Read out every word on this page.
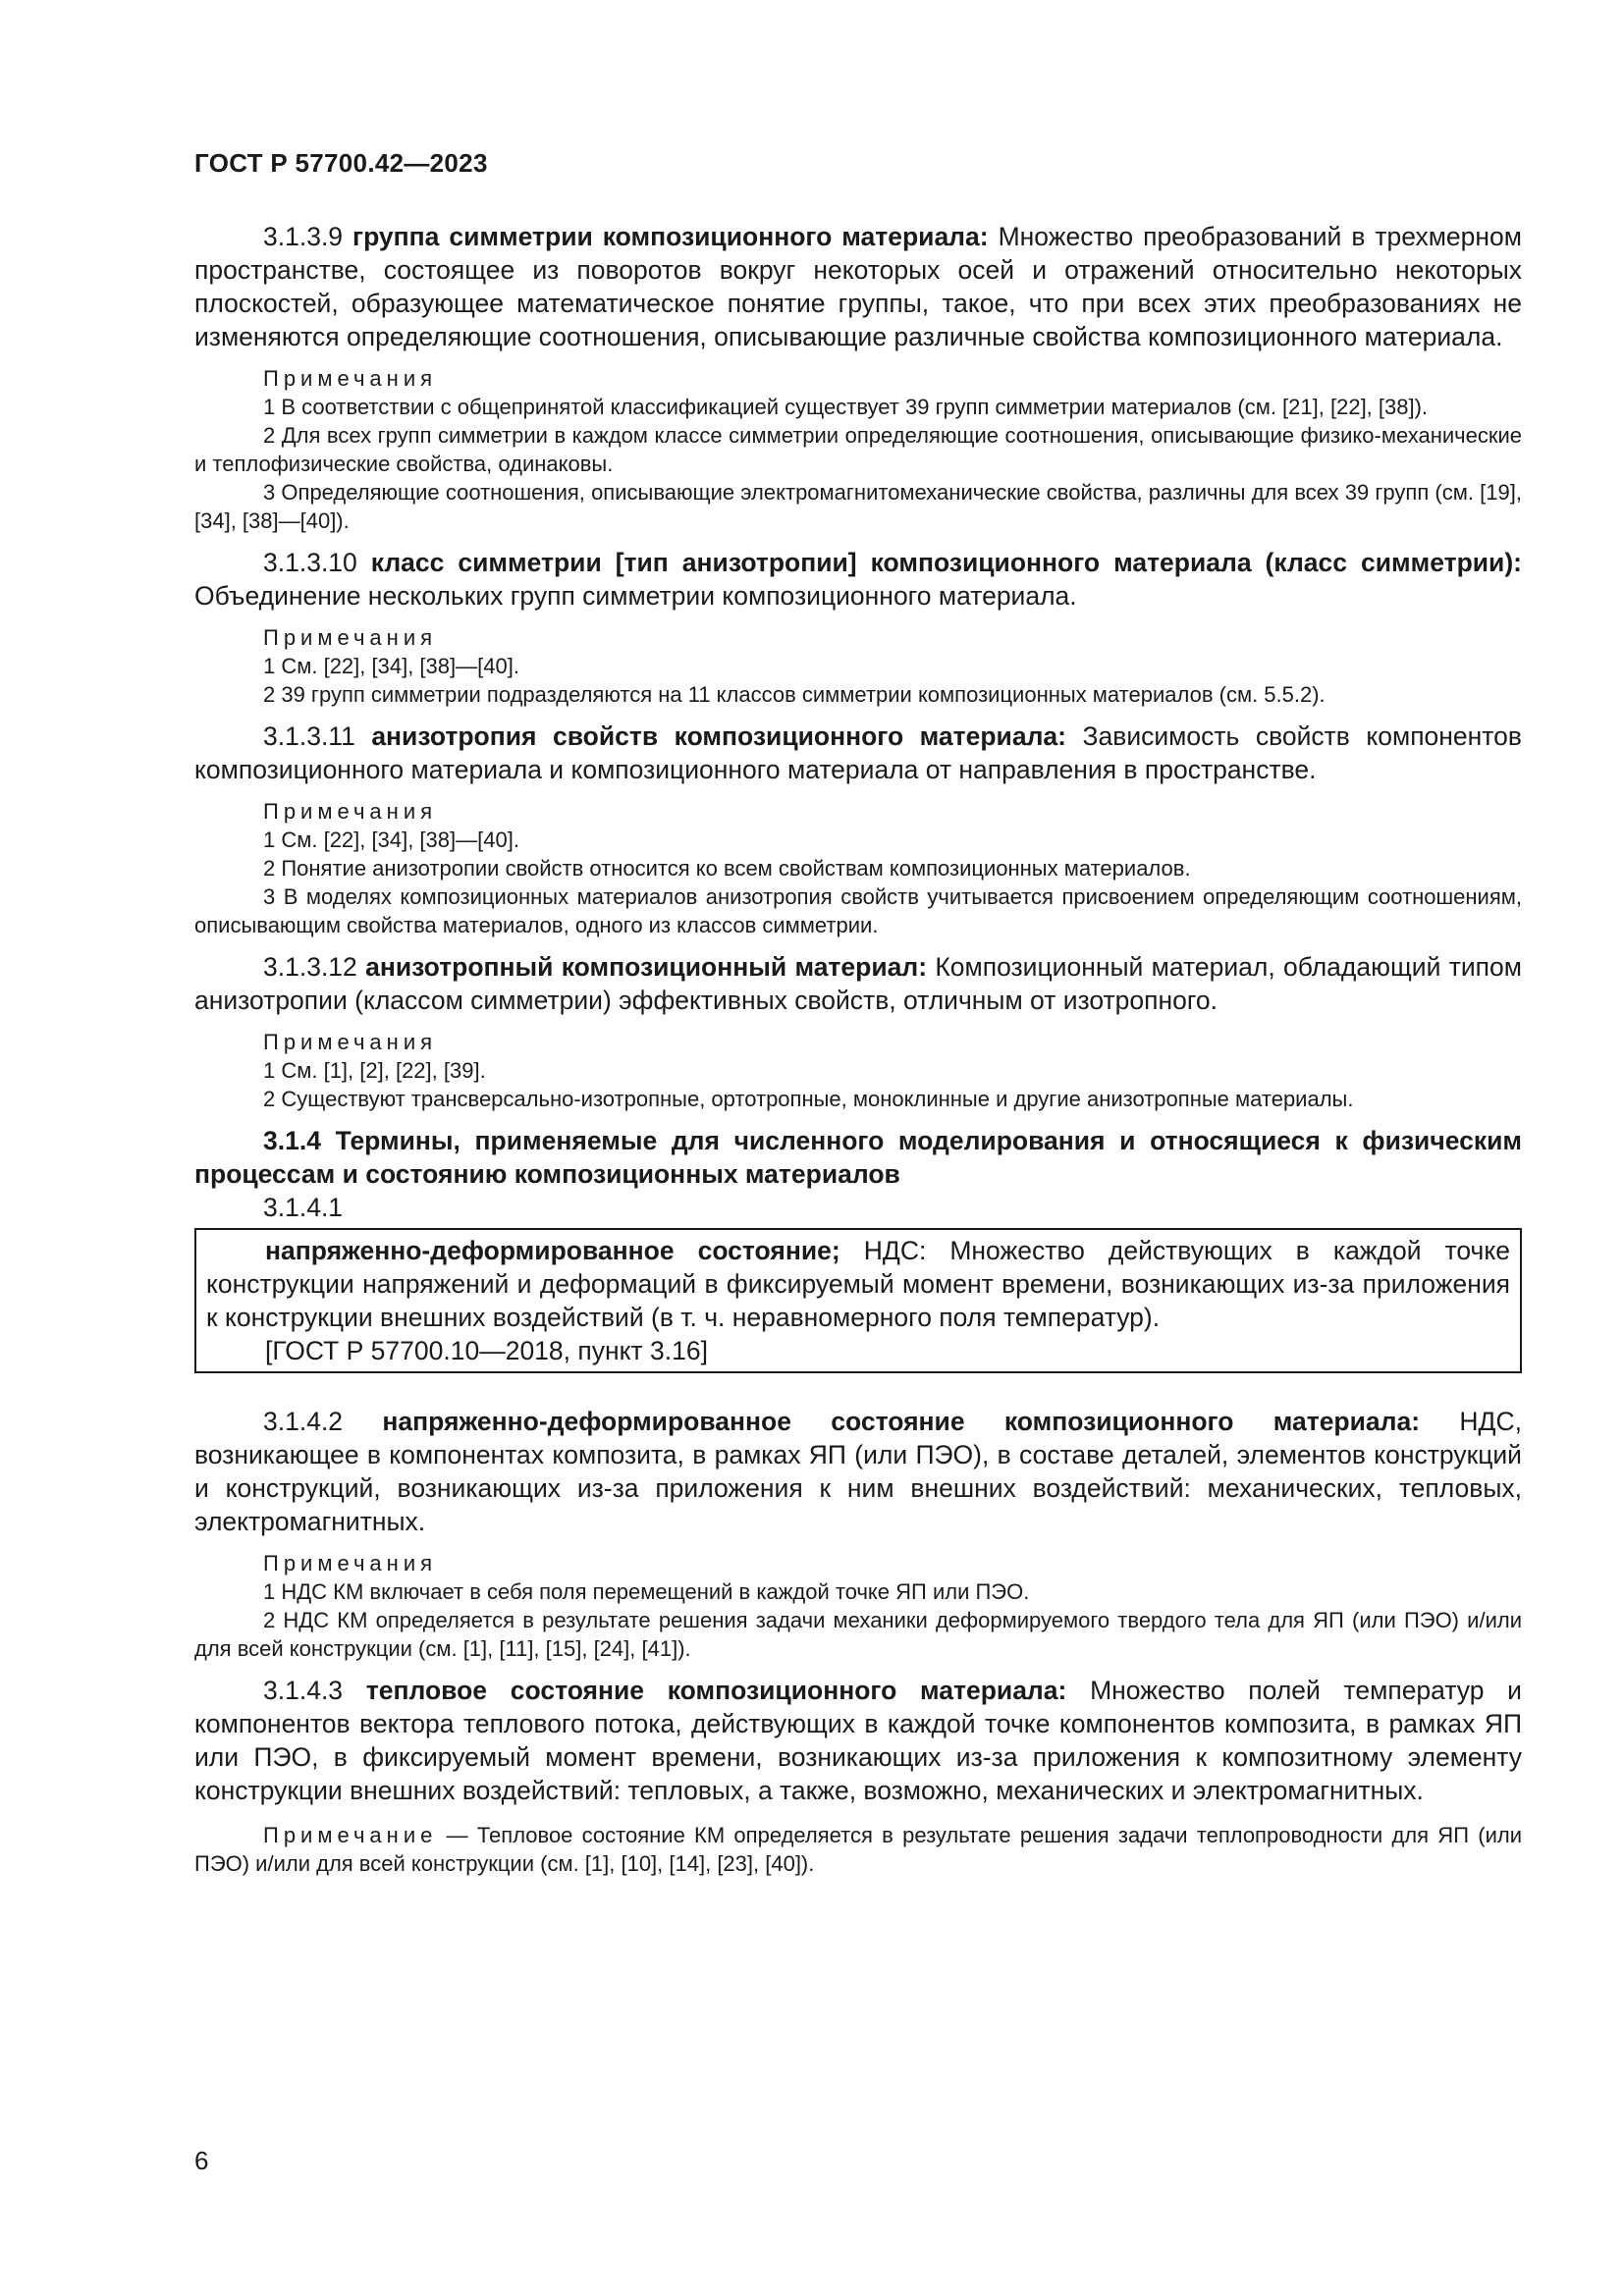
ГОСТ Р 57700.42—2023

3.1.3.9 группа симметрии композиционного материала: Множество преобразований в трехмерном пространстве, состоящее из поворотов вокруг некоторых осей и отражений относительно некоторых плоскостей, образующее математическое понятие группы, такое, что при всех этих преобразованиях не изменяются определяющие соотношения, описывающие различные свойства композиционного материала.

Примечания

1 В соответствии с общепринятой классификацией существует 39 групп симметрии материалов (см. [21], [22], [38]).

2 Для всех групп симметрии в каждом классе симметрии определяющие соотношения, описывающие физико-механические и теплофизические свойства, одинаковы.

3 Определяющие соотношения, описывающие электромагнитомеханические свойства, различны для всех 39 групп (см. [19], [34], [38]—[40]).

3.1.3.10 класс симметрии [тип анизотропии] композиционного материала (класс симметрии): Объединение нескольких групп симметрии композиционного материала.

Примечания

1 См. [22], [34], [38]—[40].

2 39 групп симметрии подразделяются на 11 классов симметрии композиционных материалов (см. 5.5.2).

3.1.3.11 анизотропия свойств композиционного материала: Зависимость свойств компонентов композиционного материала и композиционного материала от направления в пространстве.

Примечания

1 См. [22], [34], [38]—[40].

2 Понятие анизотропии свойств относится ко всем свойствам композиционных материалов.

3 В моделях композиционных материалов анизотропия свойств учитывается присвоением определяющим соотношениям, описывающим свойства материалов, одного из классов симметрии.

3.1.3.12 анизотропный композиционный материал: Композиционный материал, обладающий типом анизотропии (классом симметрии) эффективных свойств, отличным от изотропного.

Примечания

1 См. [1], [2], [22], [39].

2 Существуют трансверсально-изотропные, ортотропные, моноклинные и другие анизотропные материалы.

3.1.4 Термины, применяемые для численного моделирования и относящиеся к физическим процессам и состоянию композиционных материалов

3.1.4.1

напряженно-деформированное состояние; НДС: Множество действующих в каждой точке конструкции напряжений и деформаций в фиксируемый момент времени, возникающих из-за приложения к конструкции внешних воздействий (в т. ч. неравномерного поля температур).

[ГОСТ Р 57700.10—2018, пункт 3.16]

3.1.4.2 напряженно-деформированное состояние композиционного материала: НДС, возникающее в компонентах композита, в рамках ЯП (или ПЭО), в составе деталей, элементов конструкций и конструкций, возникающих из-за приложения к ним внешних воздействий: механических, тепловых, электромагнитных.

Примечания

1 НДС КМ включает в себя поля перемещений в каждой точке ЯП или ПЭО.

2 НДС КМ определяется в результате решения задачи механики деформируемого твердого тела для ЯП (или ПЭО) и/или для всей конструкции (см. [1], [11], [15], [24], [41]).

3.1.4.3 тепловое состояние композиционного материала: Множество полей температур и компонентов вектора теплового потока, действующих в каждой точке компонентов композита, в рамках ЯП или ПЭО, в фиксируемый момент времени, возникающих из-за приложения к композитному элементу конструкции внешних воздействий: тепловых, а также, возможно, механических и электромагнитных.

Примечание — Тепловое состояние КМ определяется в результате решения задачи теплопроводности для ЯП (или ПЭО) и/или для всей конструкции (см. [1], [10], [14], [23], [40]).

6
